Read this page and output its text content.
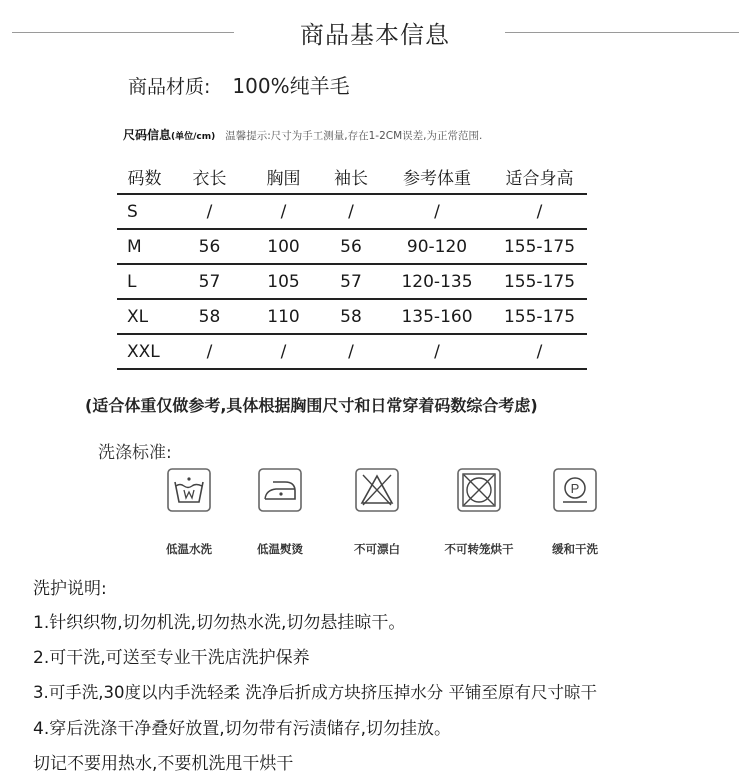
商品基本信息
商品材质: 100%纯羊毛
尺码信息(单位/cm) 温馨提示:尺寸为手工测量,存在1-2CM误差,为正常范围.
码数	衣长	胸围	袖长	参考体重	适合身高
S	/	/	/	/	/
M	56	100	56	90-120	155-175
L	57	105	57	120-135	155-175
XL	58	110	58	135-160	155-175
XXL	/	/	/	/	/
(适合体重仅做参考,具体根据胸围尺寸和日常穿着码数综合考虑)
洗涤标准:
P
低温水洗	低温熨烫	不可漂白	不可转笼烘干	缓和干洗
洗护说明:
1.针织织物,切勿机洗,切勿热水洗,切勿悬挂晾干。
2.可干洗,可送至专业干洗店洗护保养
3.可手洗,30度以内手洗轻柔 洗净后折成方块挤压掉水分 平铺至原有尺寸晾干
4.穿后洗涤干净叠好放置,切勿带有污渍储存,切勿挂放。
切记不要用热水,不要机洗甩干烘干
